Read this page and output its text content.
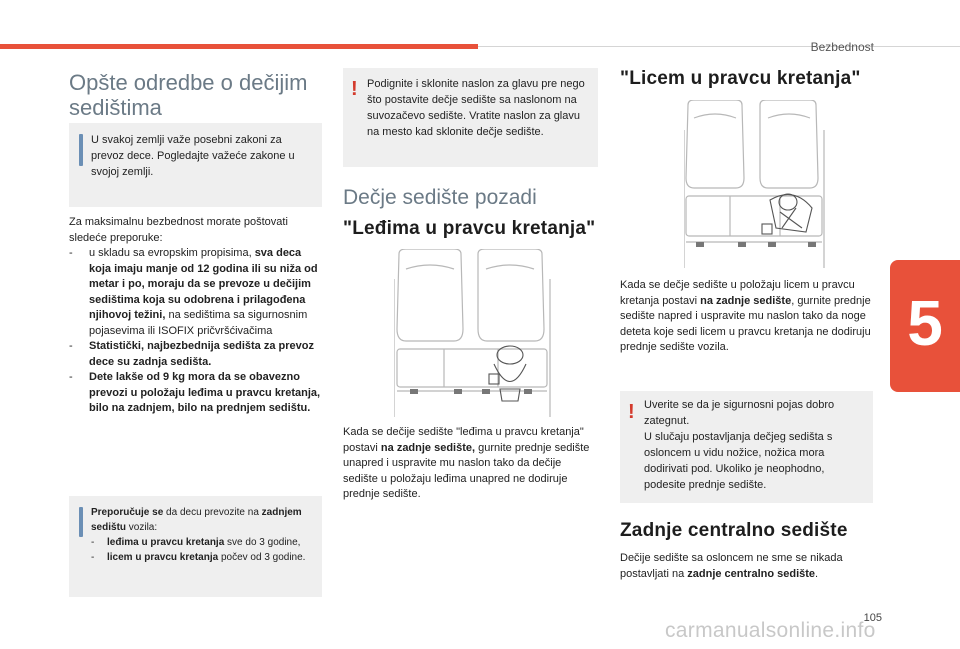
Bezbednost
5
Opšte odredbe o dečijim sedištima

U svakoj zemlji važe posebni zakoni za prevoz dece. Pogledajte važeće zakone u svojoj zemlji.

Za maksimalnu bezbednost morate poštovati sledeće preporuke:
-	u skladu sa evropskim propisima, sva deca koja imaju manje od 12 godina ili su niža od metar i po, moraju da se prevoze u dečijim sedištima koja su odobrena i prilagođena njihovoj težini, na sedištima sa sigurnosnim pojasevima ili ISOFIX pričvršćivačima
-	Statistički, najbezbednija sedišta za prevoz dece su zadnja sedišta.
-	Dete lakše od 9 kg mora da se obavezno prevozi u položaju leđima u pravcu kretanja, bilo na zadnjem, bilo na prednjem sedištu.
Preporučuje se da decu prevozite na zadnjem sedištu vozila:
-	leđima u pravcu kretanja sve do 3 godine,
-	licem u pravcu kretanja počev od 3 godine.
! Podignite i sklonite naslon za glavu pre nego što postavite dečje sedište sa naslonom na suvozačevo sedište. Vratite naslon za glavu na mesto kad sklonite dečje sedište.

Dečje sedište pozadi
"Leđima u pravcu kretanja"
Kada se dečije sedište "leđima u pravcu kretanja" postavi na zadnje sedište, gurnite prednje sedište unapred i uspravite mu naslon tako da dečije sedište u položaju leđima unapred ne dodiruje prednje sedište.
"Licem u pravcu kretanja"
Kada se dečje sedište u položaju licem u pravcu kretanja postavi na zadnje sedište, gurnite prednje sedište napred i uspravite mu naslon tako da noge deteta koje sedi licem u pravcu kretanja ne dodiruju prednje sedište vozila.
! Uverite se da je sigurnosni pojas dobro zategnut.
U slučaju postavljanja dečjeg sedišta s osloncem u vidu nožice, nožica mora dodirivati pod. Ukoliko je neophodno, podesite prednje sedište.

Zadnje centralno sedište
Dečije sedište sa osloncem ne sme se nikada postavljati na zadnje centralno sedište.
105
carmanualsonline.info
